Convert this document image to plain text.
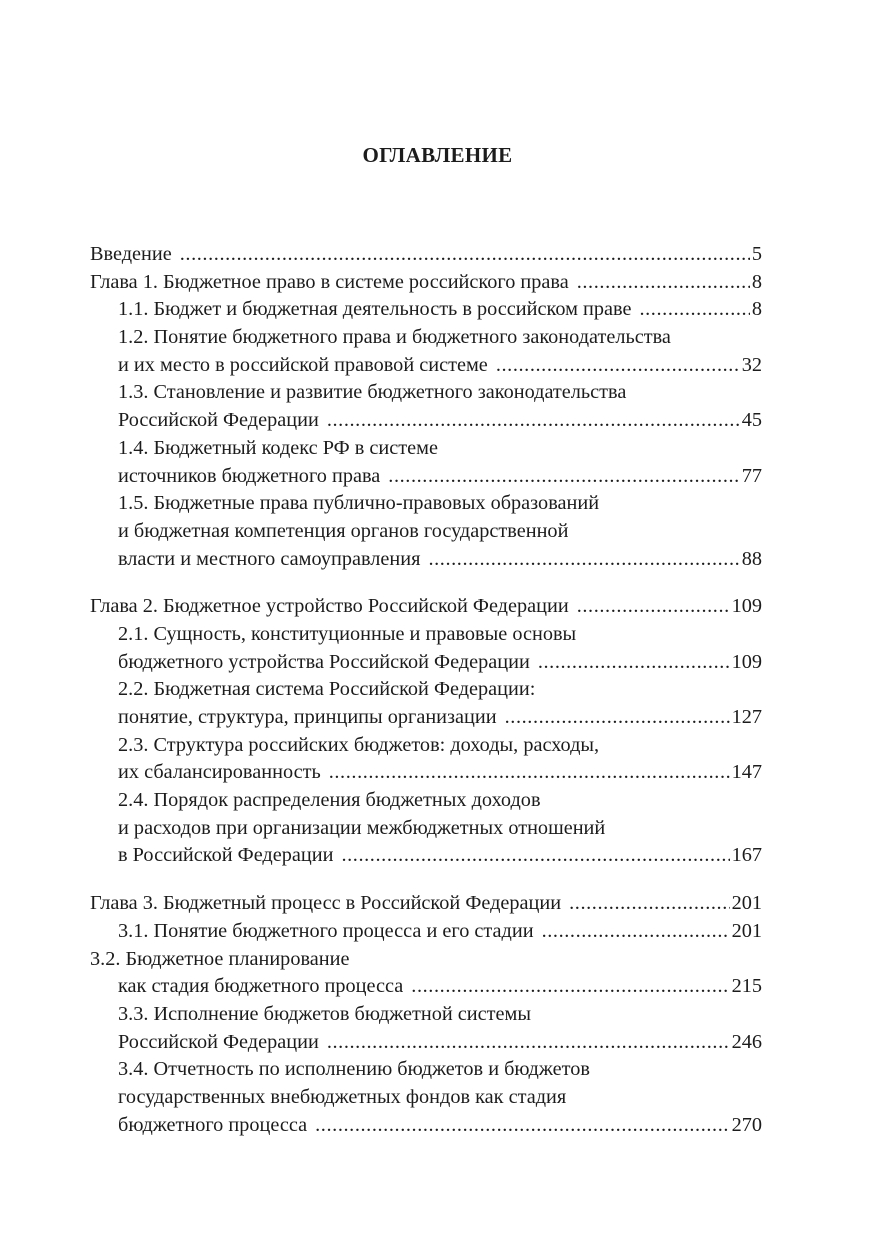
ОГЛАВЛЕНИЕ
Введение .....	5
Глава 1. Бюджетное право в системе российского права .....	8
1.1. Бюджет и бюджетная деятельность в российском праве .....	8
1.2. Понятие бюджетного права и бюджетного законодательства
и их место в российской правовой системе .....	32
1.3. Становление и развитие бюджетного законодательства
Российской Федерации .....	45
1.4. Бюджетный кодекс РФ в системе
источников бюджетного права .....	77
1.5. Бюджетные права публично-правовых образований
и бюджетная компетенция органов государственной
власти и местного самоуправления .....	88
Глава 2. Бюджетное устройство Российской Федерации .....	109
2.1. Сущность, конституционные и правовые основы
бюджетного устройства Российской Федерации .....	109
2.2. Бюджетная система Российской Федерации:
понятие, структура, принципы организации .....	127
2.3. Структура российских бюджетов: доходы, расходы,
их сбалансированность .....	147
2.4. Порядок распределения бюджетных доходов
и расходов при организации межбюджетных отношений
в Российской Федерации .....	167
Глава 3. Бюджетный процесс в Российской Федерации .....	201
3.1. Понятие бюджетного процесса и его стадии .....	201
3.2. Бюджетное планирование
как стадия бюджетного процесса .....	215
3.3. Исполнение бюджетов бюджетной системы
Российской Федерации .....	246
3.4. Отчетность по исполнению бюджетов и бюджетов
государственных внебюджетных фондов как стадия
бюджетного процесса .....	270
